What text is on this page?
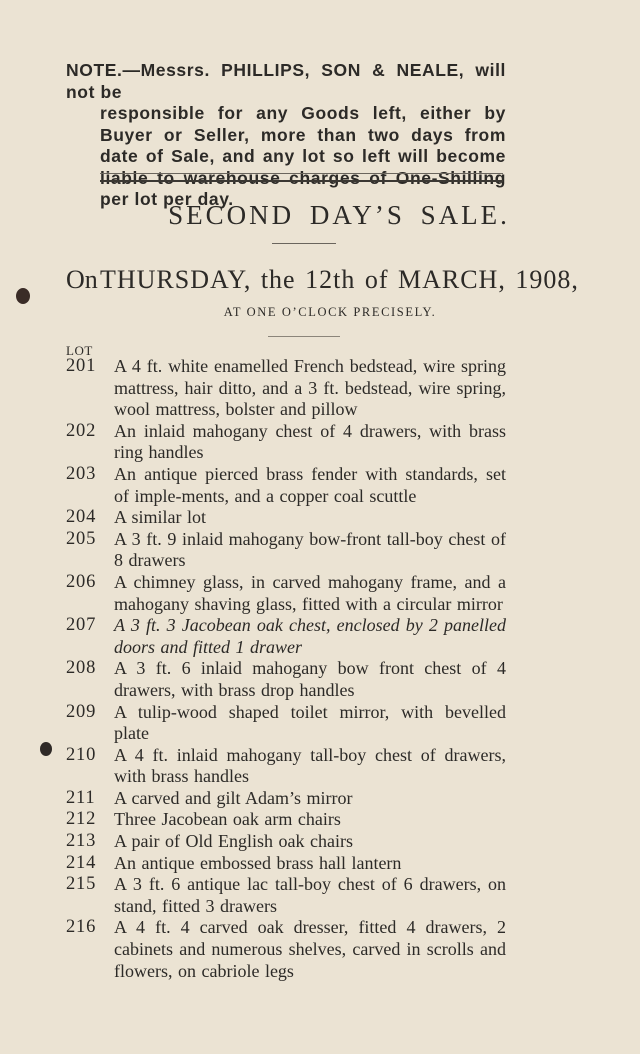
NOTE.—Messrs. PHILLIPS, SON & NEALE, will not be
responsible for any Goods left, either by Buyer or Seller, more than two days from date of Sale, and any lot so left will become liable to warehouse charges of One-Shilling per lot per day.
SECOND DAY’S SALE.
On THURSDAY, the 12th of MARCH, 1908,
AT ONE O’CLOCK PRECISELY.
LOT
201 A 4 ft. white enamelled French bedstead, wire spring mattress, hair ditto, and a 3 ft. bedstead, wire spring, wool mattress, bolster and pillow
202 An inlaid mahogany chest of 4 drawers, with brass ring handles
203 An antique pierced brass fender with standards, set of imple-ments, and a copper coal scuttle
204 A similar lot
205 A 3 ft. 9 inlaid mahogany bow-front tall-boy chest of 8 drawers
206 A chimney glass, in carved mahogany frame, and a mahogany shaving glass, fitted with a circular mirror
207 A 3 ft. 3 Jacobean oak chest, enclosed by 2 panelled doors and fitted 1 drawer
208 A 3 ft. 6 inlaid mahogany bow front chest of 4 drawers, with brass drop handles
209 A tulip-wood shaped toilet mirror, with bevelled plate
210 A 4 ft. inlaid mahogany tall-boy chest of drawers, with brass handles
211	A carved and gilt Adam’s mirror
212 Three Jacobean oak arm chairs
213 A pair of Old English oak chairs
214 An antique embossed brass hall lantern
215 A 3 ft. 6 antique lac tall-boy chest of 6 drawers, on stand, fitted 3 drawers
216 A 4 ft. 4 carved oak dresser, fitted 4 drawers, 2 cabinets and numerous shelves, carved in scrolls and flowers, on cabriole legs
